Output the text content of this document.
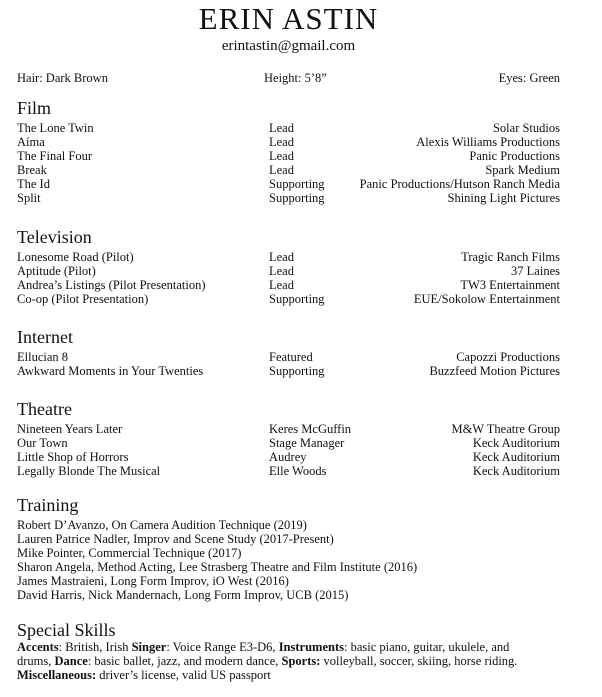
ERIN ASTIN
erintastin@gmail.com
Hair: Dark Brown	Height: 5’8”	Eyes: Green
Film
The Lone Twin	Lead	Solar Studios
Aíma	Lead	Alexis Williams Productions
The Final Four	Lead	Panic Productions
Break	Lead	Spark Medium
The Id	Supporting	Panic Productions/Hutson Ranch Media
Split	Supporting	Shining Light Pictures
Television
Lonesome Road (Pilot)	Lead	Tragic Ranch Films
Aptitude (Pilot)	Lead	37 Laines
Andrea’s Listings (Pilot Presentation)	Lead	TW3 Entertainment
Co-op (Pilot Presentation)	Supporting	EUE/Sokolow Entertainment
Internet
Ellucian 8	Featured	Capozzi Productions
Awkward Moments in Your Twenties	Supporting	Buzzfeed Motion Pictures
Theatre
Nineteen Years Later	Keres McGuffin	M&W Theatre Group
Our Town	Stage Manager	Keck Auditorium
Little Shop of Horrors	Audrey	Keck Auditorium
Legally Blonde The Musical	Elle Woods	Keck Auditorium
Training
Robert D’Avanzo, On Camera Audition Technique (2019)
Lauren Patrice Nadler, Improv and Scene Study (2017-Present)
Mike Pointer, Commercial Technique (2017)
Sharon Angela, Method Acting, Lee Strasberg Theatre and Film Institute (2016)
James Mastraieni, Long Form Improv, iO West (2016)
David Harris, Nick Mandernach, Long Form Improv, UCB (2015)
Special Skills
Accents: British, Irish Singer: Voice Range E3-D6, Instruments: basic piano, guitar, ukulele, and drums, Dance: basic ballet, jazz, and modern dance, Sports: volleyball, soccer, skiing, horse riding.
Miscellaneous: driver’s license, valid US passport
